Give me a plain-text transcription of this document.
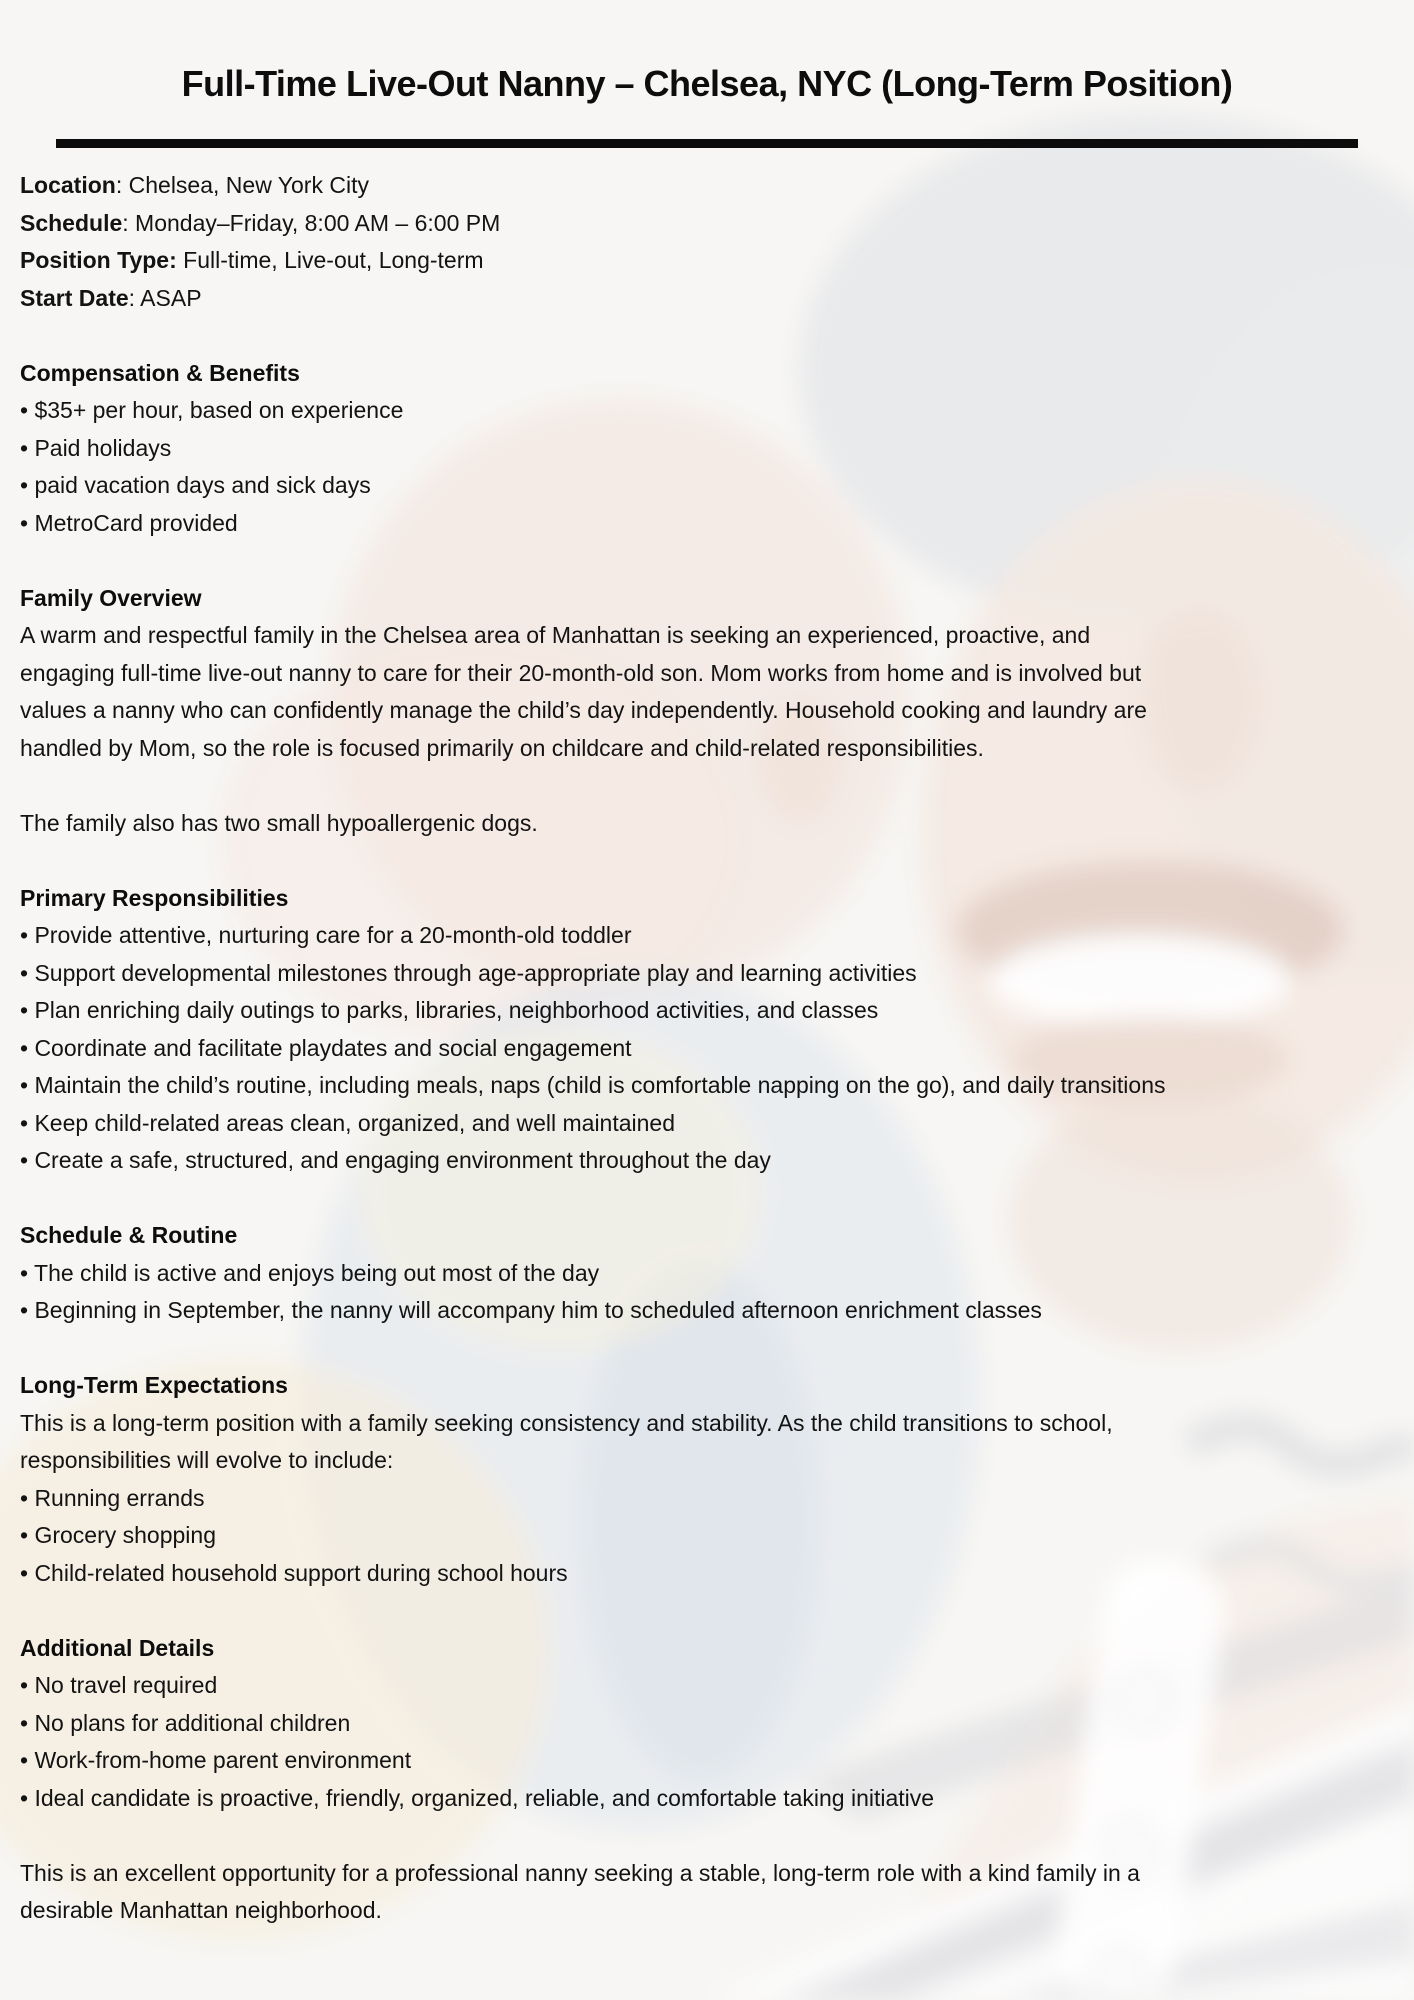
Full-Time Live-Out Nanny – Chelsea, NYC (Long-Term Position)
Location: Chelsea, New York City
Schedule: Monday–Friday, 8:00 AM – 6:00 PM
Position Type: Full-time, Live-out, Long-term
Start Date: ASAP
Compensation & Benefits
• $35+ per hour, based on experience
• Paid holidays
• paid vacation days and sick days
• MetroCard provided
Family Overview
A warm and respectful family in the Chelsea area of Manhattan is seeking an experienced, proactive, and
engaging full-time live-out nanny to care for their 20-month-old son. Mom works from home and is involved but
values a nanny who can confidently manage the child’s day independently. Household cooking and laundry are
handled by Mom, so the role is focused primarily on childcare and child-related responsibilities.
The family also has two small hypoallergenic dogs.
Primary Responsibilities
• Provide attentive, nurturing care for a 20-month-old toddler
• Support developmental milestones through age-appropriate play and learning activities
• Plan enriching daily outings to parks, libraries, neighborhood activities, and classes
• Coordinate and facilitate playdates and social engagement
• Maintain the child’s routine, including meals, naps (child is comfortable napping on the go), and daily transitions
• Keep child-related areas clean, organized, and well maintained
• Create a safe, structured, and engaging environment throughout the day
Schedule & Routine
• The child is active and enjoys being out most of the day
• Beginning in September, the nanny will accompany him to scheduled afternoon enrichment classes
Long-Term Expectations
This is a long-term position with a family seeking consistency and stability. As the child transitions to school,
responsibilities will evolve to include:
• Running errands
• Grocery shopping
• Child-related household support during school hours
Additional Details
• No travel required
• No plans for additional children
• Work-from-home parent environment
• Ideal candidate is proactive, friendly, organized, reliable, and comfortable taking initiative
This is an excellent opportunity for a professional nanny seeking a stable, long-term role with a kind family in a
desirable Manhattan neighborhood.
